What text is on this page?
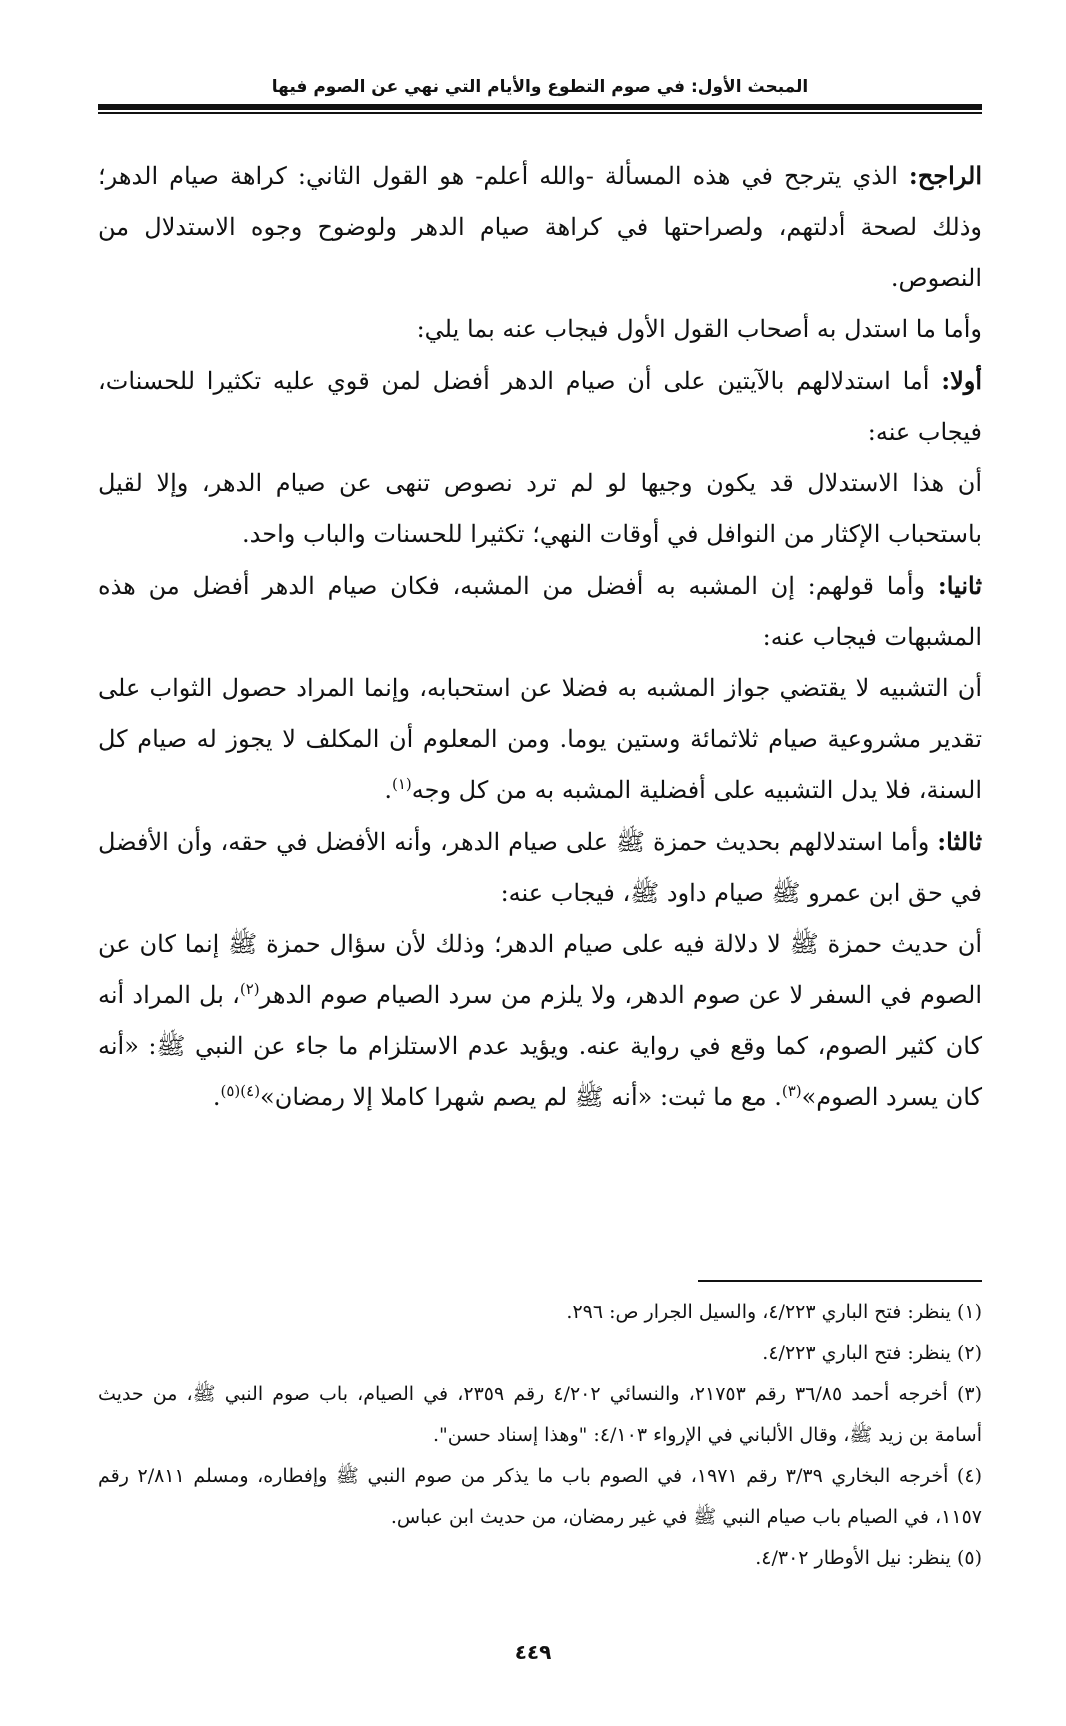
المبحث الأول: في صوم التطوع والأيام التي نهي عن الصوم فيها

الراجح: الذي يترجح في هذه المسألة -والله أعلم- هو القول الثاني: كراهة صيام الدهر؛ وذلك لصحة أدلتهم، ولصراحتها في كراهة صيام الدهر ولوضوح وجوه الاستدلال من النصوص.

وأما ما استدل به أصحاب القول الأول فيجاب عنه بما يلي:

أولا: أما استدلالهم بالآيتين على أن صيام الدهر أفضل لمن قوي عليه تكثيرا للحسنات، فيجاب عنه:

أن هذا الاستدلال قد يكون وجيها لو لم ترد نصوص تنهى عن صيام الدهر، وإلا لقيل باستحباب الإكثار من النوافل في أوقات النهي؛ تكثيرا للحسنات والباب واحد.

ثانيا: وأما قولهم: إن المشبه به أفضل من المشبه، فكان صيام الدهر أفضل من هذه المشبهات فيجاب عنه:

أن التشبيه لا يقتضي جواز المشبه به فضلا عن استحبابه، وإنما المراد حصول الثواب على تقدير مشروعية صيام ثلاثمائة وستين يوما. ومن المعلوم أن المكلف لا يجوز له صيام كل السنة، فلا يدل التشبيه على أفضلية المشبه به من كل وجه$^{(١)}$.

ثالثا: وأما استدلالهم بحديث حمزة ﷺ على صيام الدهر، وأنه الأفضل في حقه، وأن الأفضل في حق ابن عمرو ﷺ صيام داود ﷺ، فيجاب عنه:

أن حديث حمزة ﷺ لا دلالة فيه على صيام الدهر؛ وذلك لأن سؤال حمزة ﷺ إنما كان عن الصوم في السفر لا عن صوم الدهر، ولا يلزم من سرد الصيام صوم الدهر$^{(٢)}$، بل المراد أنه كان كثير الصوم، كما وقع في رواية عنه. ويؤيد عدم الاستلزام ما جاء عن النبي ﷺ: «أنه كان يسرد الصوم»$^{(٣)}$. مع ما ثبت: «أنه ﷺ لم يصم شهرا كاملا إلا رمضان»$^{(٤)(٥)}$.

(١) ينظر: فتح الباري ٤/٢٢٣، والسيل الجرار ص: ٢٩٦.

(٢) ينظر: فتح الباري ٤/٢٢٣.

(٣) أخرجه أحمد ٣٦/٨٥ رقم ٢١٧٥٣، والنسائي ٤/٢٠٢ رقم ٢٣٥٩، في الصيام، باب صوم النبي ﷺ، من حديث أسامة بن زيد ﷺ، وقال الألباني في الإرواء ٤/١٠٣: "وهذا إسناد حسن".

(٤) أخرجه البخاري ٣/٣٩ رقم ١٩٧١، في الصوم باب ما يذكر من صوم النبي ﷺ وإفطاره، ومسلم ٢/٨١١ رقم ١١٥٧، في الصيام باب صيام النبي ﷺ في غير رمضان، من حديث ابن عباس.

(٥) ينظر: نيل الأوطار ٤/٣٠٢.

٤٤٩
